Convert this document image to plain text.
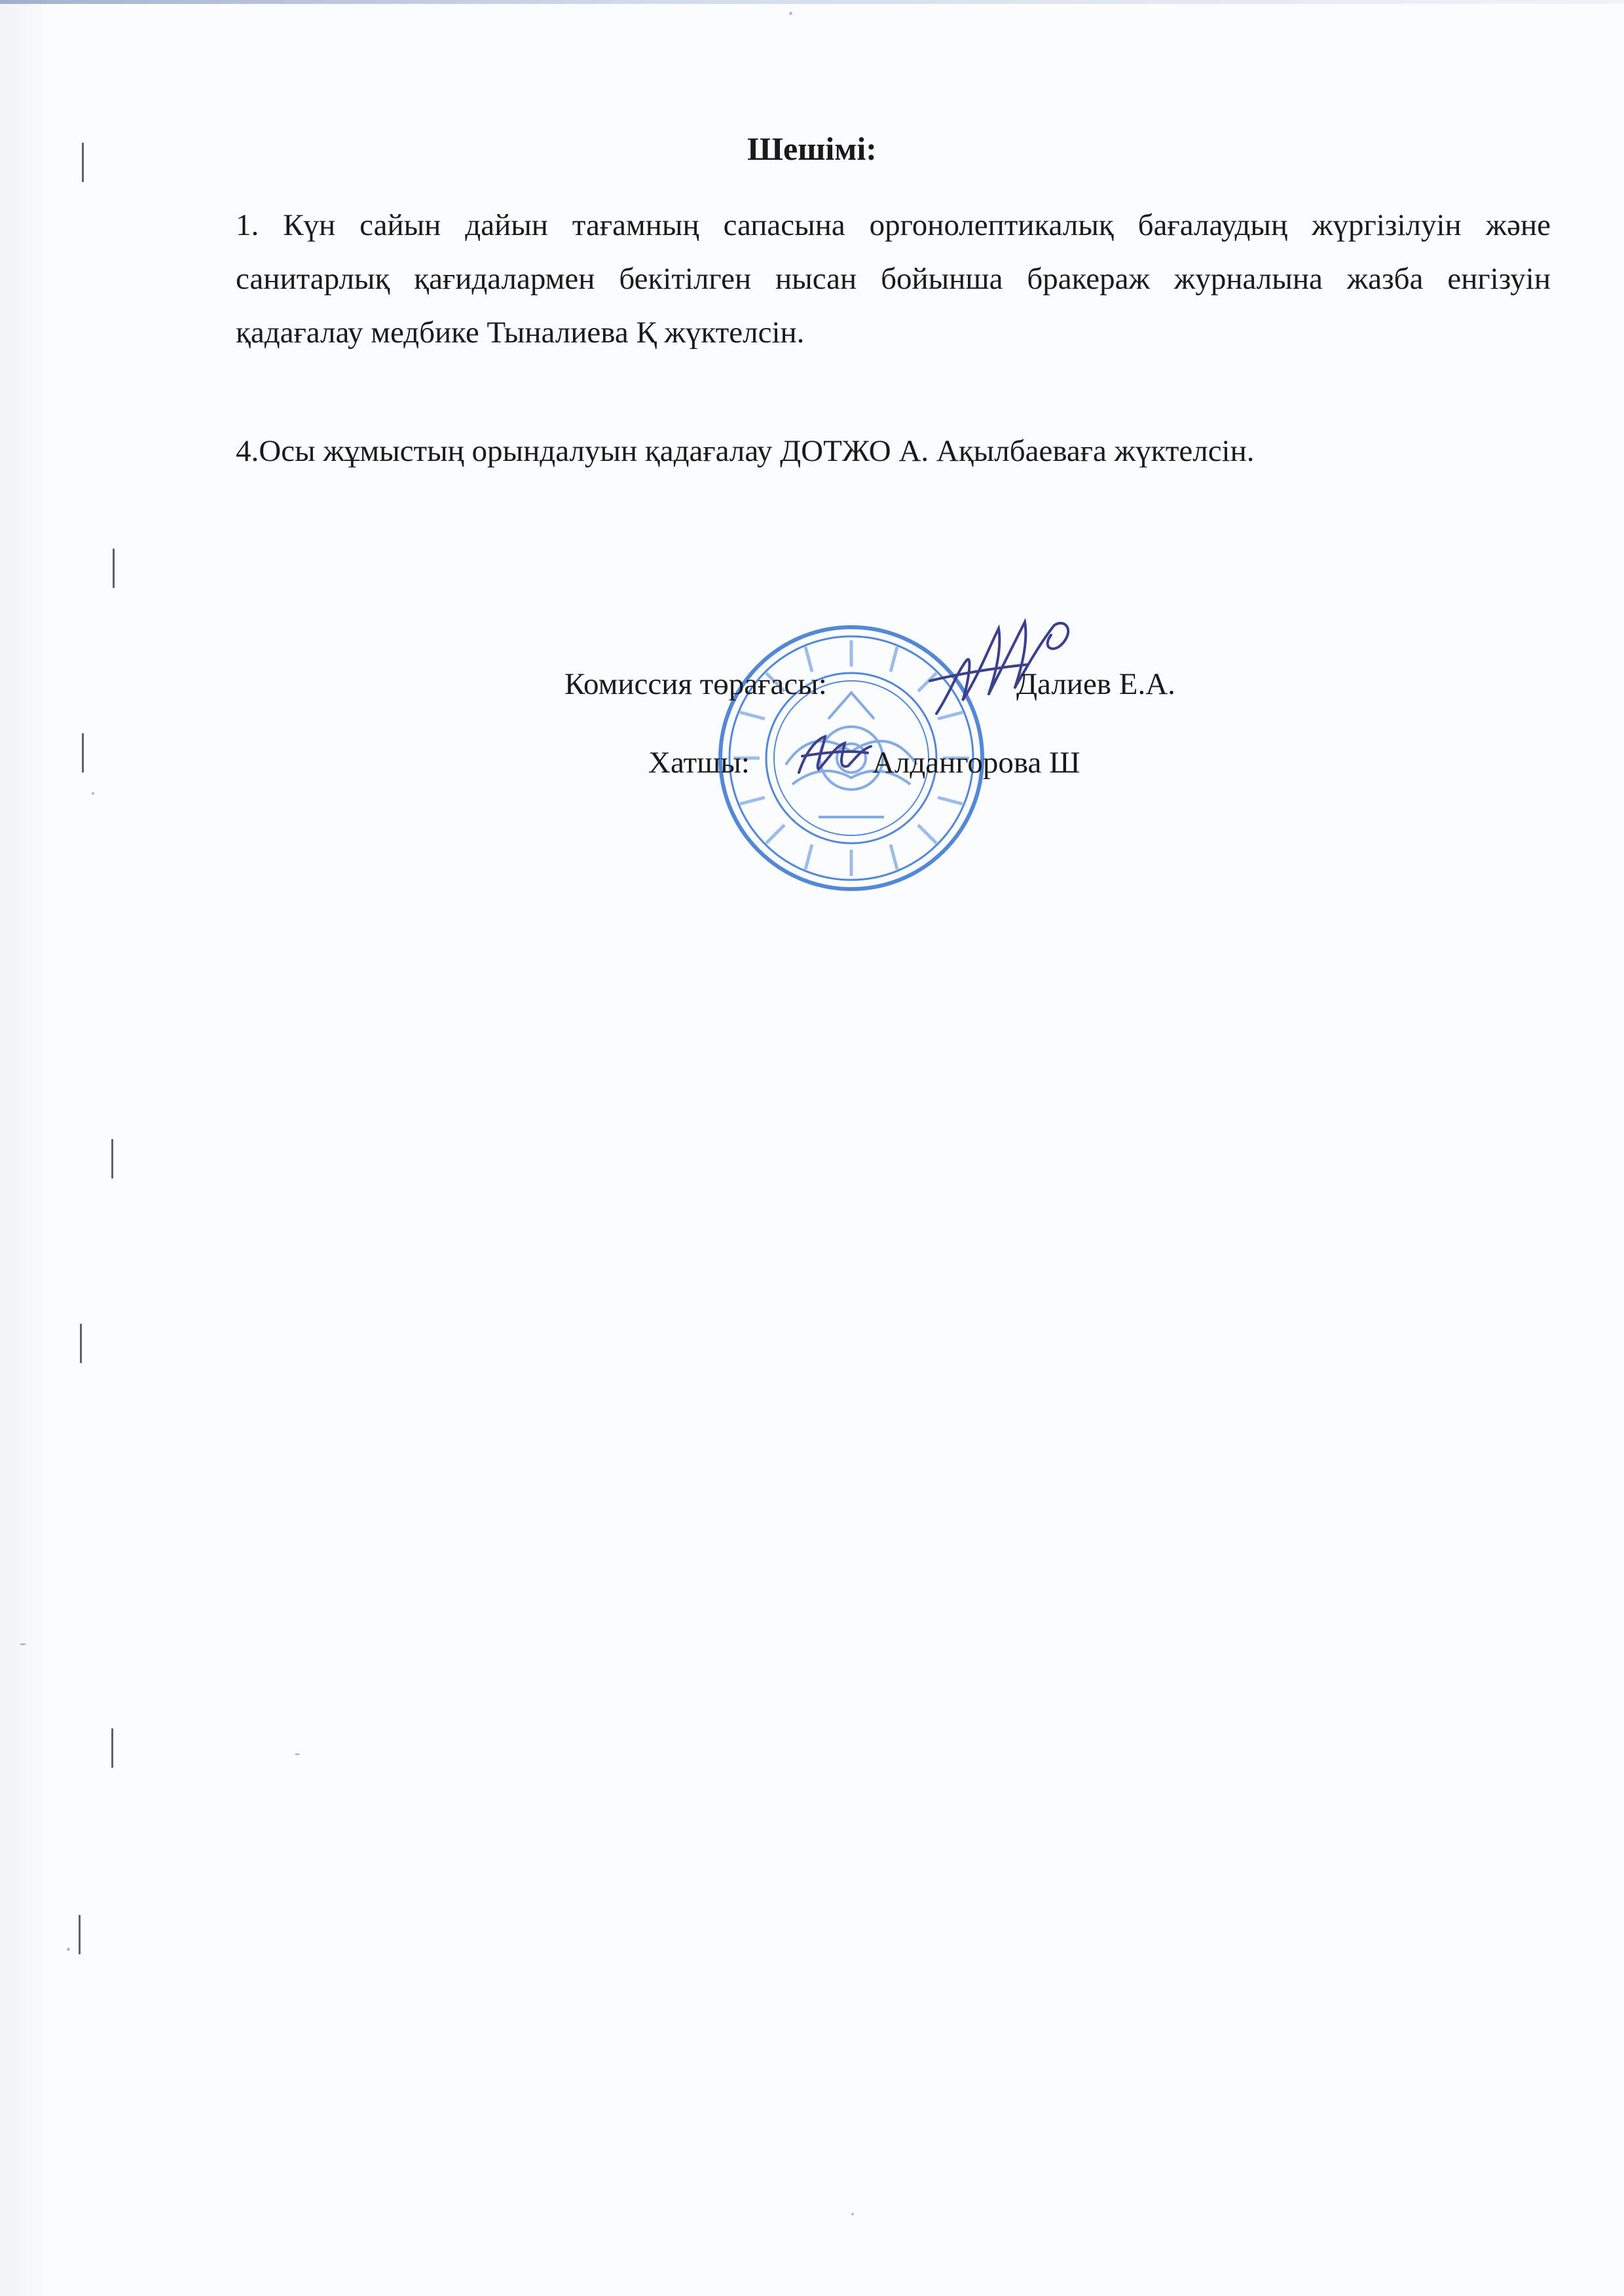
Шешімі:
1. Күн сайын дайын тағамның сапасына оргонолептикалық бағалаудың жүргізілуін және санитарлық қағидалармен бекітілген нысан бойынша бракераж журналына жазба енгізуін қадағалау медбике Тыналиева Қ жүктелсін.
4.Осы жұмыстың орындалуын қадағалау ДОТЖО А. Ақылбаеваға жүктелсін.
Комиссия төрағасы:	Далиев Е.А.
Хатшы:	Алдангорова Ш
